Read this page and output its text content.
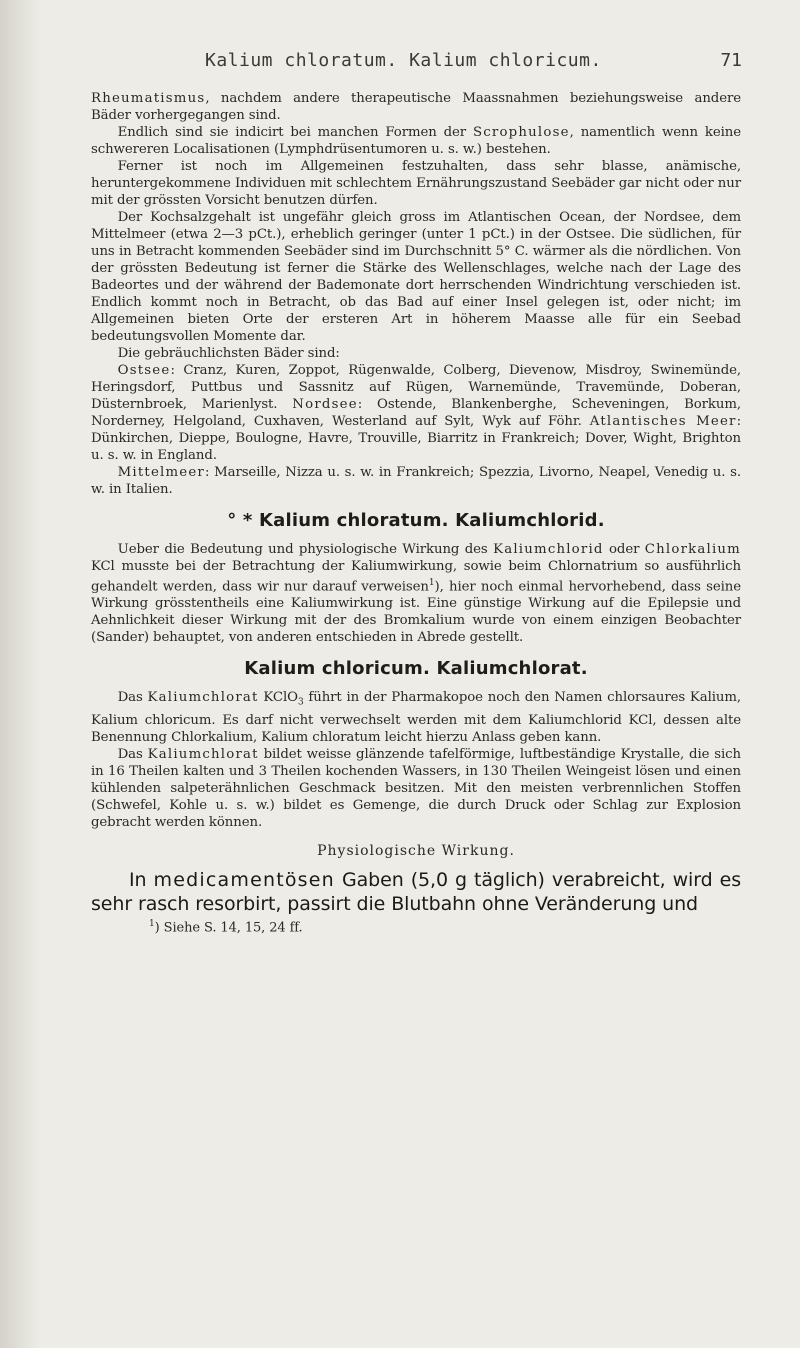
Kalium chloratum. Kalium chloricum.	71

Rheumatismus, nachdem andere therapeutische Maassnahmen beziehungsweise andere Bäder vorhergegangen sind.

Endlich sind sie indicirt bei manchen Formen der Scrophulose, namentlich wenn keine schwereren Localisationen (Lymphdrüsentumoren u. s. w.) bestehen.

Ferner ist noch im Allgemeinen festzuhalten, dass sehr blasse, anämische, heruntergekommene Individuen mit schlechtem Ernährungszustand Seebäder gar nicht oder nur mit der grössten Vorsicht benutzen dürfen.

Der Kochsalzgehalt ist ungefähr gleich gross im Atlantischen Ocean, der Nordsee, dem Mittelmeer (etwa 2—3 pCt.), erheblich geringer (unter 1 pCt.) in der Ostsee. Die südlichen, für uns in Betracht kommenden Seebäder sind im Durchschnitt 5° C. wärmer als die nördlichen. Von der grössten Bedeutung ist ferner die Stärke des Wellenschlages, welche nach der Lage des Badeortes und der während der Bademonate dort herrschenden Windrichtung verschieden ist. Endlich kommt noch in Betracht, ob das Bad auf einer Insel gelegen ist, oder nicht; im Allgemeinen bieten Orte der ersteren Art in höherem Maasse alle für ein Seebad bedeutungsvollen Momente dar.

Die gebräuchlichsten Bäder sind:

Ostsee: Cranz, Kuren, Zoppot, Rügenwalde, Colberg, Dievenow, Misdroy, Swinemünde, Heringsdorf, Puttbus und Sassnitz auf Rügen, Warnemünde, Travemünde, Doberan, Düsternbroek, Marienlyst. Nordsee: Ostende, Blankenberghe, Scheveningen, Borkum, Norderney, Helgoland, Cuxhaven, Westerland auf Sylt, Wyk auf Föhr. Atlantisches Meer: Dünkirchen, Dieppe, Boulogne, Havre, Trouville, Biarritz in Frankreich; Dover, Wight, Brighton u. s. w. in England.

Mittelmeer: Marseille, Nizza u. s. w. in Frankreich; Spezzia, Livorno, Neapel, Venedig u. s. w. in Italien.

° * Kalium chloratum. Kaliumchlorid.

Ueber die Bedeutung und physiologische Wirkung des Kaliumchlorid oder Chlorkalium KCl musste bei der Betrachtung der Kaliumwirkung, sowie beim Chlornatrium so ausführlich gehandelt werden, dass wir nur darauf verweisen$^1$), hier noch einmal hervorhebend, dass seine Wirkung grösstentheils eine Kaliumwirkung ist. Eine günstige Wirkung auf die Epilepsie und Aehnlichkeit dieser Wirkung mit der des Bromkalium wurde von einem einzigen Beobachter (Sander) behauptet, von anderen entschieden in Abrede gestellt.

Kalium chloricum. Kaliumchlorat.

Das Kaliumchlorat KClO$_3$ führt in der Pharmakopoe noch den Namen chlorsaures Kalium, Kalium chloricum. Es darf nicht verwechselt werden mit dem Kaliumchlorid KCl, dessen alte Benennung Chlorkalium, Kalium chloratum leicht hierzu Anlass geben kann.

Das Kaliumchlorat bildet weisse glänzende tafelförmige, luftbeständige Krystalle, die sich in 16 Theilen kalten und 3 Theilen kochenden Wassers, in 130 Theilen Weingeist lösen und einen kühlenden salpeterähnlichen Geschmack besitzen. Mit den meisten verbrennlichen Stoffen (Schwefel, Kohle u. s. w.) bildet es Gemenge, die durch Druck oder Schlag zur Explosion gebracht werden können.

Physiologische Wirkung.

In medicamentösen Gaben (5,0 g täglich) verabreicht, wird es sehr rasch resorbirt, passirt die Blutbahn ohne Veränderung und

$^1$) Siehe S. 14, 15, 24 ff.
